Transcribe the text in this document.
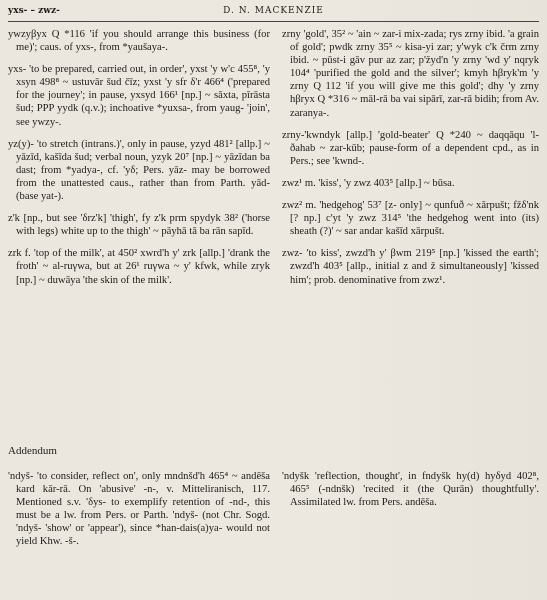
yxs- – zwz-	D. N. MACKENZIE

ywzyβyx Q *116 'if you should arrange this business (for me)'; caus. of yxs-, from *yaušaya-.

yxs- 'to be prepared, carried out, in order', yxst 'y w'c 455⁸, 'y xsyn 498⁸ ~ ustuvār šud čīz; yxst 'y sfr δ'r 466⁴ ('prepared for the journey'; in pause, yxsyd 166¹ [np.] ~ sāxta, pīrāsta šud; PPP yydk (q.v.); inchoative *yuxsa-, from yaug- 'join', see ywzy-.

yz(y)- 'to stretch (intrans.)', only in pause, yzyd 481² [allp.] ~ yāzīd, kašīda šud; verbal noun, yzyk 20⁷ [np.] ~ yāzīdan ba dast; from *yadya-, cf. 'yδ; Pers. yāz- may be borrowed from the unattested caus., rather than from Parth. yād- (base yat-).

z'k [np., but see 'δrz'k] 'thigh', fy z'k prm spydyk 38² ('horse with legs) white up to the thigh' ~ pāyhā tā ba rān sapīd.

zrk f. 'top of the milk', at 450² xwrd'h y' zrk [allp.] 'drank the froth' ~ al-ruγwa, but at 26¹ ruγwa ~ y' kfwk, while zryk [np.] ~ duwāya 'the skin of the milk'.

zrny 'gold', 35² ~ 'ain ~ zar-i mix-zada; rys zrny ibid. 'a grain of gold'; pwdk zrny 35⁵ ~ kisa-yi zar; y'wyk c'k črm zrny ibid. ~ pūst-i gāv pur az zar; p'žyd'n 'y zrny 'wd y' nqryk 104⁴ 'purified the gold and the silver'; kmyh hβryk'm 'y zrny Q 112 'if you will give me this gold'; dhy 'y zrny hβryx Q *316 ~ māl-rā ba vai sipārī, zar-rā bidih; from Av. zaranya-.

zrny-'kwndyk [allp.] 'gold-beater' Q *240 ~ daqqāqu 'l-ðahab ~ zar-kūb; pause-form of a dependent cpd., as in Pers.; see 'kwnd-.

zwz¹ m. 'kiss', 'y zwz 403⁵ [allp.] ~ būsa.

zwz² m. 'hedgehog' 53⁷ [z- only] ~ qunfuð ~ xārpušt; fžδ'nk [? np.] c'yt 'y zwz 314⁵ 'the hedgehog went into (its) sheath (?)' ~ sar andar kašīd xārpušt.

zwz- 'to kiss', zwzd'h y' βwm 219⁵ [np.] 'kissed the earth'; zwzd'h 403⁵ [allp., initial z and ž simultaneously] 'kissed him'; prob. denominative from zwz¹.

Addendum

'ndyš- 'to consider, reflect on', only mndnšd'h 465⁴ ~ andēša kard kār-rā. On 'abusive' -n-, v. Mitteliranisch, 117. Mentioned s.v. 'δys- to exemplify retention of -nd-, this must be a lw. from Pers. or Parth. 'ndyš- (not Chr. Sogd. 'ndyš- 'show' or 'appear'), since *han-dais(a)ya- would not yield Khw. -š-.

'ndyšk 'reflection, thought', in fndyšk hy(d) hyδyd 402⁸, 465⁵ (-ndnšk) 'recited it (the Qurān) thoughtfully'. Assimilated lw. from Pers. andēša.
